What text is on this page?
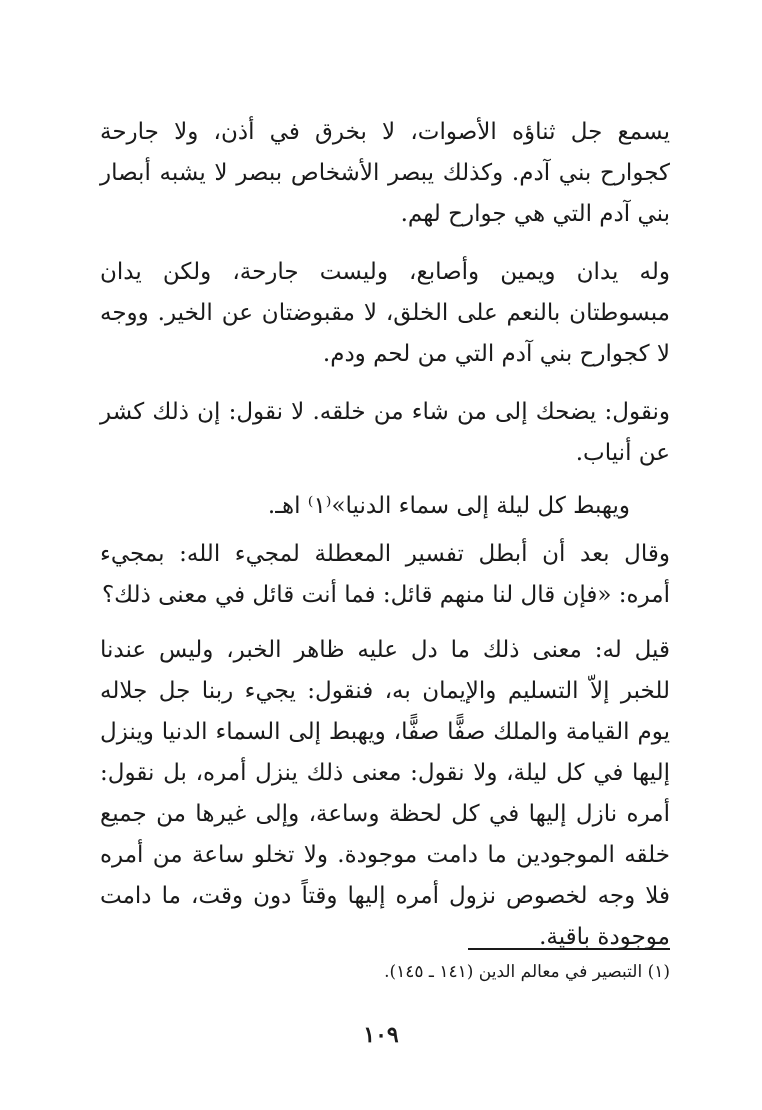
يسمع جل ثناؤه الأصوات، لا بخرق في أذن، ولا جارحة كجوارح بني آدم. وكذلك يبصر الأشخاص ببصر لا يشبه أبصار بني آدم التي هي جوارح لهم.

وله يدان ويمين وأصابع، وليست جارحة، ولكن يدان مبسوطتان بالنعم على الخلق، لا مقبوضتان عن الخير. ووجه لا كجوارح بني آدم التي من لحم ودم.

ونقول: يضحك إلى من شاء من خلقه. لا نقول: إن ذلك كشر عن أنياب.

ويهبط كل ليلة إلى سماء الدنيا»⁽١⁾ اهـ.

وقال بعد أن أبطل تفسير المعطلة لمجيء الله: بمجيء أمره: «فإن قال لنا منهم قائل: فما أنت قائل في معنى ذلك؟

قيل له: معنى ذلك ما دل عليه ظاهر الخبر، وليس عندنا للخبر إلاّ التسليم والإيمان به، فنقول: يجيء ربنا جل جلاله يوم القيامة والملك صفًّا صفًّا، ويهبط إلى السماء الدنيا وينزل إليها في كل ليلة، ولا نقول: معنى ذلك ينزل أمره، بل نقول: أمره نازل إليها في كل لحظة وساعة، وإلى غيرها من جميع خلقه الموجودين ما دامت موجودة. ولا تخلو ساعة من أمره فلا وجه لخصوص نزول أمره إليها وقتاً دون وقت، ما دامت موجودة باقية.

(١) التبصير في معالم الدين (١٤١ ـ ١٤٥).
١٠٩
